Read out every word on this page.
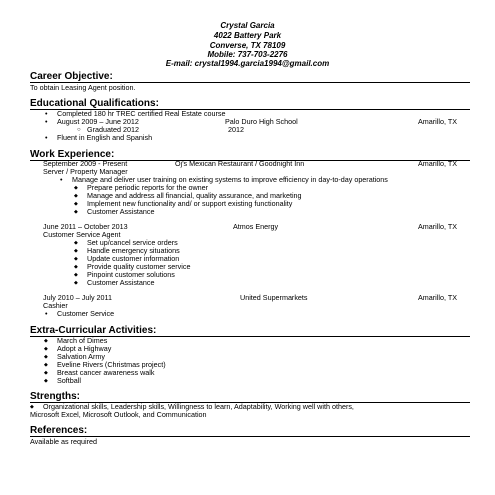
Crystal Garcia
4022 Battery Park
Converse, TX 78109
Mobile: 737-703-2276
E-mail: crystal1994.garcia1994@gmail.com
Career Objective:
To obtain Leasing Agent position.
Educational Qualifications:
• Completed 180 hr TREC certified Real Estate course
• August 2009 – June 2012	Palo Duro High School	Amarillo, TX
○ Graduated 2012	2012
• Fluent in English and Spanish
Work Experience:
September 2009 - Present	Oj's Mexican Restaurant / Goodnight Inn	Amarillo, TX
Server / Property Manager
• Manage and deliver user training on existing systems to improve efficiency in day-to-day operations
◆ Prepare periodic reports for the owner
◆ Manage and address all financial, quality assurance, and marketing
◆ Implement new functionality and/ or support existing functionality
◆ Customer Assistance
June 2011 – October 2013	Atmos Energy	Amarillo, TX
Customer Service Agent
◆ Set up/cancel service orders
◆ Handle emergency situations
◆ Update customer information
◆ Provide quality customer service
◆ Pinpoint customer solutions
◆ Customer Assistance
July 2010 – July 2011	United Supermarkets	Amarillo, TX
Cashier
• Customer Service
Extra-Curricular Activities:
◆ March of Dimes
◆ Adopt a Highway
◆ Salvation Army
◆ Eveline Rivers (Christmas project)
◆ Breast cancer awareness walk
◆ Softball
Strengths:
◆ Organizational skills, Leadership skills, Willingness to learn, Adaptability, Working well with others,
Microsoft Excel, Microsoft Outlook, and Communication
References:
Available as required
